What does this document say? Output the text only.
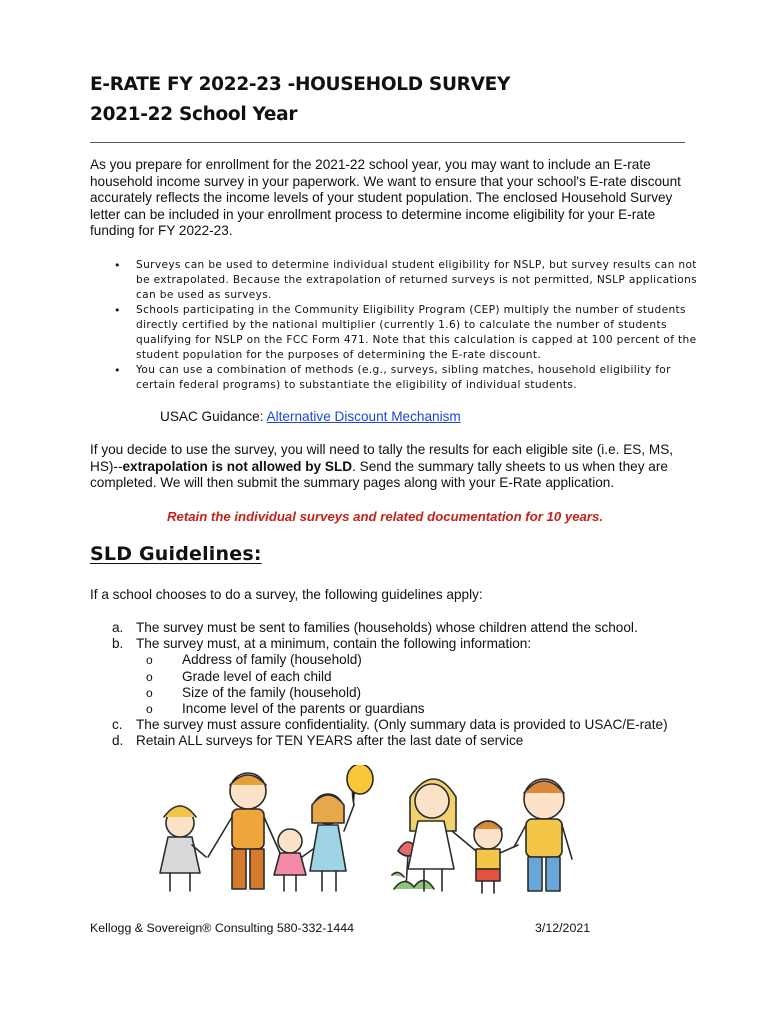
E-RATE FY 2022-23 -HOUSEHOLD SURVEY
2021-22 School Year
As you prepare for enrollment for the 2021-22 school year, you may want to include an E-rate household income survey in your paperwork. We want to ensure that your school's E-rate discount accurately reflects the income levels of your student population. The enclosed Household Survey letter can be included in your enrollment process to determine income eligibility for your E-rate funding for FY 2022-23.
• Surveys can be used to determine individual student eligibility for NSLP, but survey results can not be extrapolated. Because the extrapolation of returned surveys is not permitted, NSLP applications can be used as surveys.
• Schools participating in the Community Eligibility Program (CEP) multiply the number of students directly certified by the national multiplier (currently 1.6) to calculate the number of students qualifying for NSLP on the FCC Form 471. Note that this calculation is capped at 100 percent of the student population for the purposes of determining the E-rate discount.
• You can use a combination of methods (e.g., surveys, sibling matches, household eligibility for certain federal programs) to substantiate the eligibility of individual students.
USAC Guidance: Alternative Discount Mechanism
If you decide to use the survey, you will need to tally the results for each eligible site (i.e. ES, MS, HS)--extrapolation is not allowed by SLD. Send the summary tally sheets to us when they are completed. We will then submit the summary pages along with your E-Rate application.
Retain the individual surveys and related documentation for 10 years.
SLD Guidelines:
If a school chooses to do a survey, the following guidelines apply:
a. The survey must be sent to families (households) whose children attend the school.
b. The survey must, at a minimum, contain the following information:
o Address of family (household)
o Grade level of each child
o Size of the family (household)
o Income level of the parents or guardians
c. The survey must assure confidentiality. (Only summary data is provided to USAC/E-rate)
d. Retain ALL surveys for TEN YEARS after the last date of service
Kellogg & Sovereign® Consulting 580-332-1444	3/12/2021
